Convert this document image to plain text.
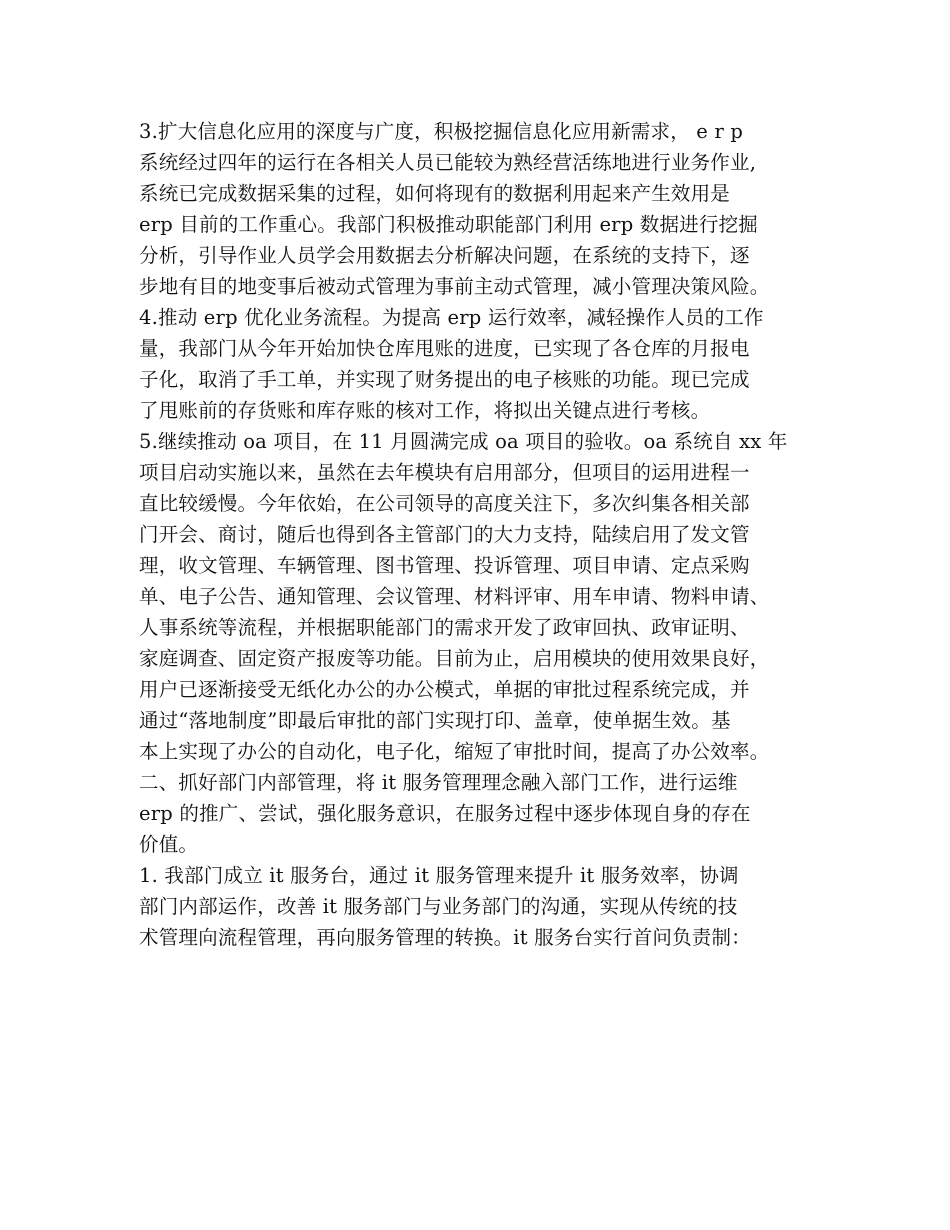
3.扩大信息化应用的深度与广度，积极挖掘信息化应用新需求， e r p
系统经过四年的运行在各相关人员已能较为熟经营活练地进行业务作业,
系统已完成数据采集的过程，如何将现有的数据利用起来产生效用是
erp 目前的工作重心。我部门积极推动职能部门利用 erp 数据进行挖掘
分析，引导作业人员学会用数据去分析解决问题，在系统的支持下，逐
步地有目的地变事后被动式管理为事前主动式管理，减小管理决策风险。
4.推动 erp 优化业务流程。为提高 erp 运行效率，减轻操作人员的工作
量，我部门从今年开始加快仓库甩账的进度，已实现了各仓库的月报电
子化，取消了手工单，并实现了财务提出的电子核账的功能。现已完成
了甩账前的存货账和库存账的核对工作，将拟出关键点进行考核。
5.继续推动 oa 项目，在 11 月圆满完成 oa 项目的验收。oa 系统自 xx 年
项目启动实施以来，虽然在去年模块有启用部分，但项目的运用进程一
直比较缓慢。今年依始，在公司领导的高度关注下，多次纠集各相关部
门开会、商讨，随后也得到各主管部门的大力支持，陆续启用了发文管
理，收文管理、车辆管理、图书管理、投诉管理、项目申请、定点采购
单、电子公告、通知管理、会议管理、材料评审、用车申请、物料申请、
人事系统等流程，并根据职能部门的需求开发了政审回执、政审证明、
家庭调查、固定资产报废等功能。目前为止，启用模块的使用效果良好，
用户已逐渐接受无纸化办公的办公模式，单据的审批过程系统完成，并
通过“落地制度”即最后审批的部门实现打印、盖章，使单据生效。基
本上实现了办公的自动化，电子化，缩短了审批时间，提高了办公效率。
二、抓好部门内部管理，将 it 服务管理理念融入部门工作，进行运维
erp 的推广、尝试，强化服务意识，在服务过程中逐步体现自身的存在
价值。
1. 我部门成立 it 服务台，通过 it 服务管理来提升 it 服务效率，协调
部门内部运作，改善 it 服务部门与业务部门的沟通，实现从传统的技
术管理向流程管理，再向服务管理的转换。it 服务台实行首问负责制：
